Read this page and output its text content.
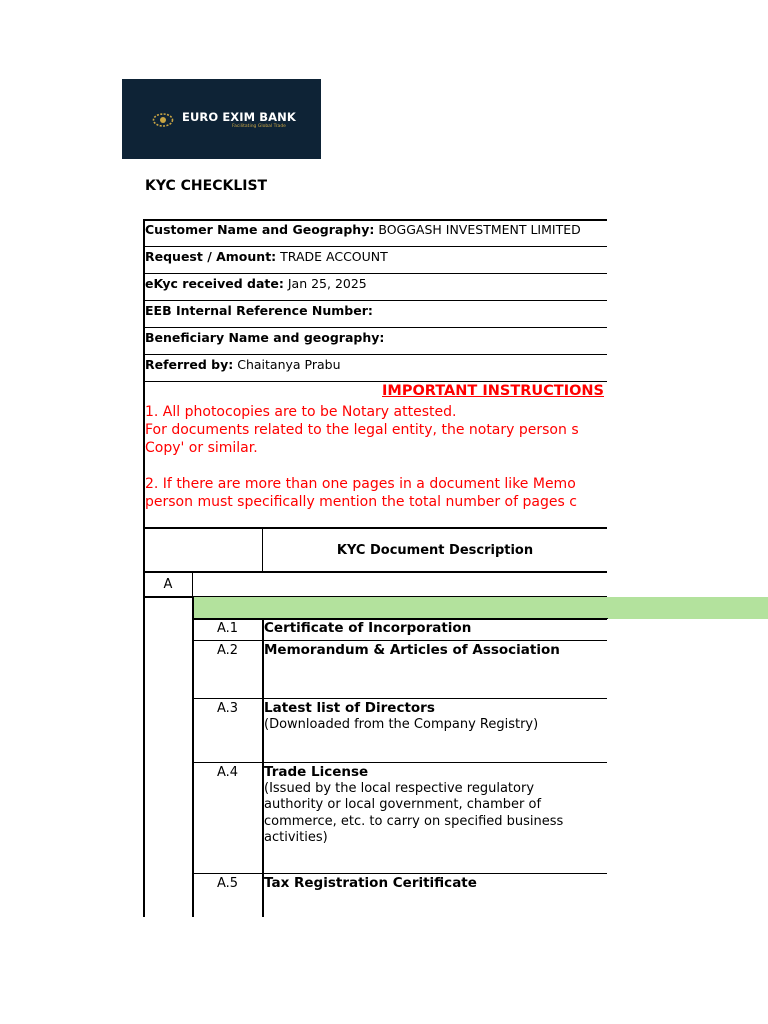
EURO EXIM BANK
Facilitating Global Trade
KYC CHECKLIST
Customer Name and Geography: BOGGASH INVESTMENT LIMITED
Request / Amount: TRADE ACCOUNT
eKyc received date: Jan 25, 2025
EEB Internal Reference Number:
Beneficiary Name and geography:
Referred by: Chaitanya Prabu
IMPORTANT INSTRUCTIONS
1. All photocopies are to be Notary attested.
For documents related to the legal entity, the notary person s
Copy' or similar.
2. If there are more than one pages in a document like Memo
person must specifically mention the total number of pages c
KYC Document Description
A
A.1	Certificate of Incorporation
A.2	Memorandum & Articles of Association
A.3	Latest list of Directors
(Downloaded from the Company Registry)
A.4	Trade License
(Issued by the local respective regulatory
authority or local government, chamber of
commerce, etc. to carry on specified business
activities)
A.5	Tax Registration Ceritificate
